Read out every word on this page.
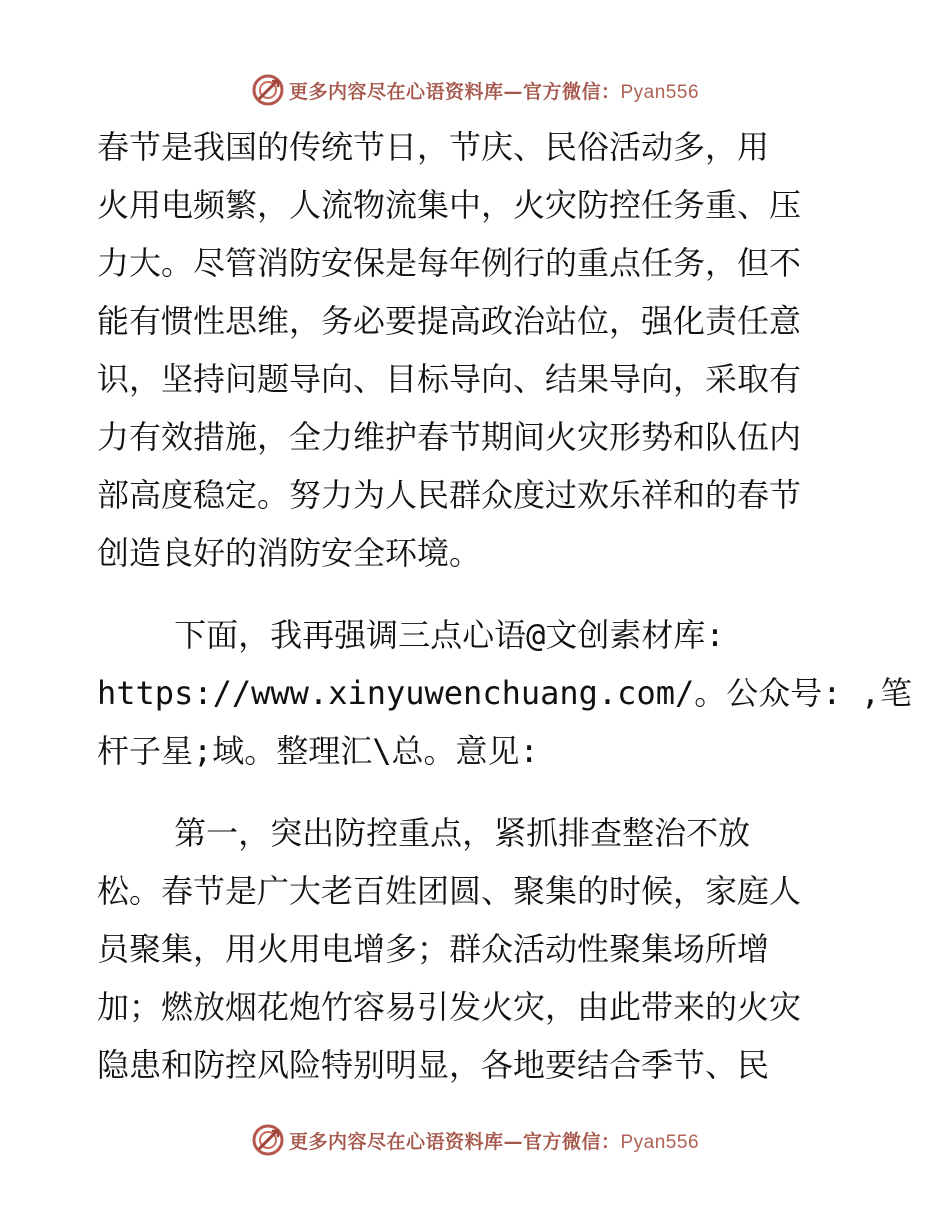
更多内容尽在心语资料库—官方微信：Pyan556
春节是我国的传统节日，节庆、民俗活动多，用
火用电频繁，人流物流集中，火灾防控任务重、压
力大。尽管消防安保是每年例行的重点任务，但不
能有惯性思维，务必要提高政治站位，强化责任意
识，坚持问题导向、目标导向、结果导向，采取有
力有效措施，全力维护春节期间火灾形势和队伍内
部高度稳定。努力为人民群众度过欢乐祥和的春节
创造良好的消防安全环境。
下面，我再强调三点心语@文创素材库:
https://www.xinyuwenchuang.com/。公众号: ,笔
杆子星;域。整理汇\总。意见:
第一，突出防控重点，紧抓排查整治不放
松。春节是广大老百姓团圆、聚集的时候，家庭人
员聚集，用火用电增多；群众活动性聚集场所增
加；燃放烟花炮竹容易引发火灾，由此带来的火灾
隐患和防控风险特别明显，各地要结合季节、民
更多内容尽在心语资料库—官方微信：Pyan556
